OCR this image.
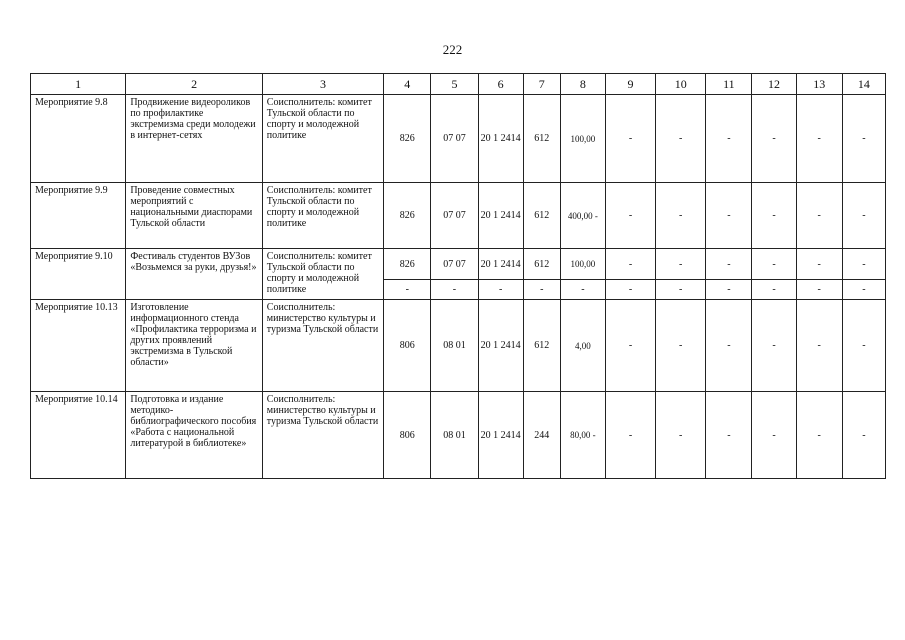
222
1	2	3	4	5	6	7	8	9	10	11	12	13	14
Мероприятие 9.8	Продвижение видеороликов по профилактике экстремизма среди молодежи в интернет-сетях	Соисполнитель: комитет Тульской области по спорту и молодежной политике	826	07 07	20 1 2414	612	100,00	-	-	-	-	-	-
Мероприятие 9.9	Проведение совместных мероприятий с национальными диаспорами Тульской области	Соисполнитель: комитет Тульской области по спорту и молодежной политике	826	07 07	20 1 2414	612	400,00 -	-	-	-	-	-	-
Мероприятие 9.10	Фестиваль студентов ВУЗов «Возьмемся за руки, друзья!»	Соисполнитель: комитет Тульской области по спорту и молодежной политике	826	07 07	20 1 2414	612	100,00	-	-	-	-	-	-
			-	-	-	-	-	-	-	-	-	-	-
Мероприятие 10.13	Изготовление информационного стенда «Профилактика терроризма и других проявлений экстремизма в Тульской области»	Соисполнитель: министерство культуры и туризма Тульской области	806	08 01	20 1 2414	612	4,00	-	-	-	-	-	-
Мероприятие 10.14	Подготовка и издание методико-библиографического пособия «Работа с национальной литературой в библиотеке»	Соисполнитель: министерство культуры и туризма Тульской области	806	08 01	20 1 2414	244	80,00 -	-	-	-	-	-	-
